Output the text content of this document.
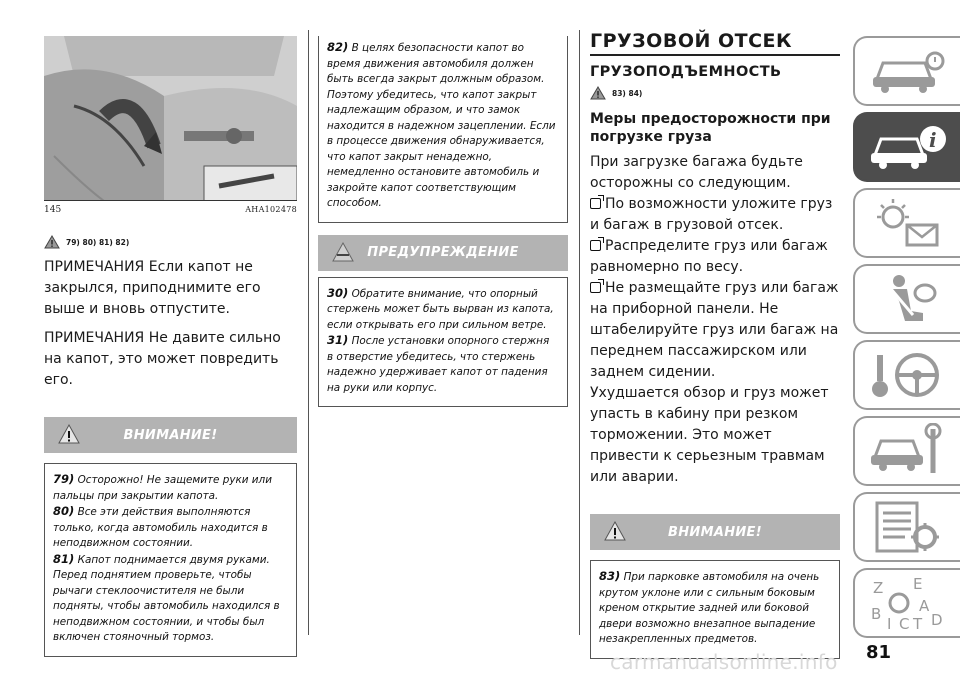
145	AHA102478
79) 80) 81) 82)

ПРИМЕЧАНИЯ Если капот не закрылся, приподнимите его выше и вновь отпустите.

ПРИМЕЧАНИЯ Не давите сильно на капот, это может повредить его.

ВНИМАНИЕ!
79) Осторожно! Не защемите руки или пальцы при закрытии капота.
80) Все эти действия выполняются только, когда автомобиль находится в неподвижном состоянии.
81) Капот поднимается двумя руками. Перед поднятием проверьте, чтобы рычаги стеклоочистителя не были подняты, чтобы автомобиль находился в неподвижном состоянии, и чтобы был включен стояночный тормоз.
82) В целях безопасности капот во время движения автомобиля должен быть всегда закрыт должным образом. Поэтому убедитесь, что капот закрыт надлежащим образом, и что замок находится в надежном зацеплении. Если в процессе движения обнаруживается, что капот закрыт ненадежно, немедленно остановите автомобиль и закройте капот соответствующим способом.
ПРЕДУПРЕЖДЕНИЕ
30) Обратите внимание, что опорный стержень может быть вырван из капота, если открывать его при сильном ветре.
31) После установки опорного стержня в отверстие убедитесь, что стержень надежно удерживает капот от падения на руки или корпус.
ГРУЗОВОЙ ОТСЕК
ГРУЗОПОДЪЕМНОСТЬ
83) 84)
Меры предосторожности при погрузке груза
При загрузке багажа будьте осторожны со следующим.
По возможности уложите груз и багаж в грузовой отсек.
Распределите груз или багаж равномерно по весу.
Не размещайте груз или багаж на приборной панели. Не штабелируйте груз или багаж на переднем пассажирском или заднем сидении.
Ухудшается обзор и груз может упасть в кабину при резком торможении. Это может привести к серьезным травмам или аварии.
ВНИМАНИЕ!
83) При парковке автомобиля на очень крутом уклоне или с сильным боковым креном открытие задней или боковой двери возможно внезапное выпадение незакрепленных предметов.
i
Z E
A
B
I C T D
81
carmanualsonline.info
